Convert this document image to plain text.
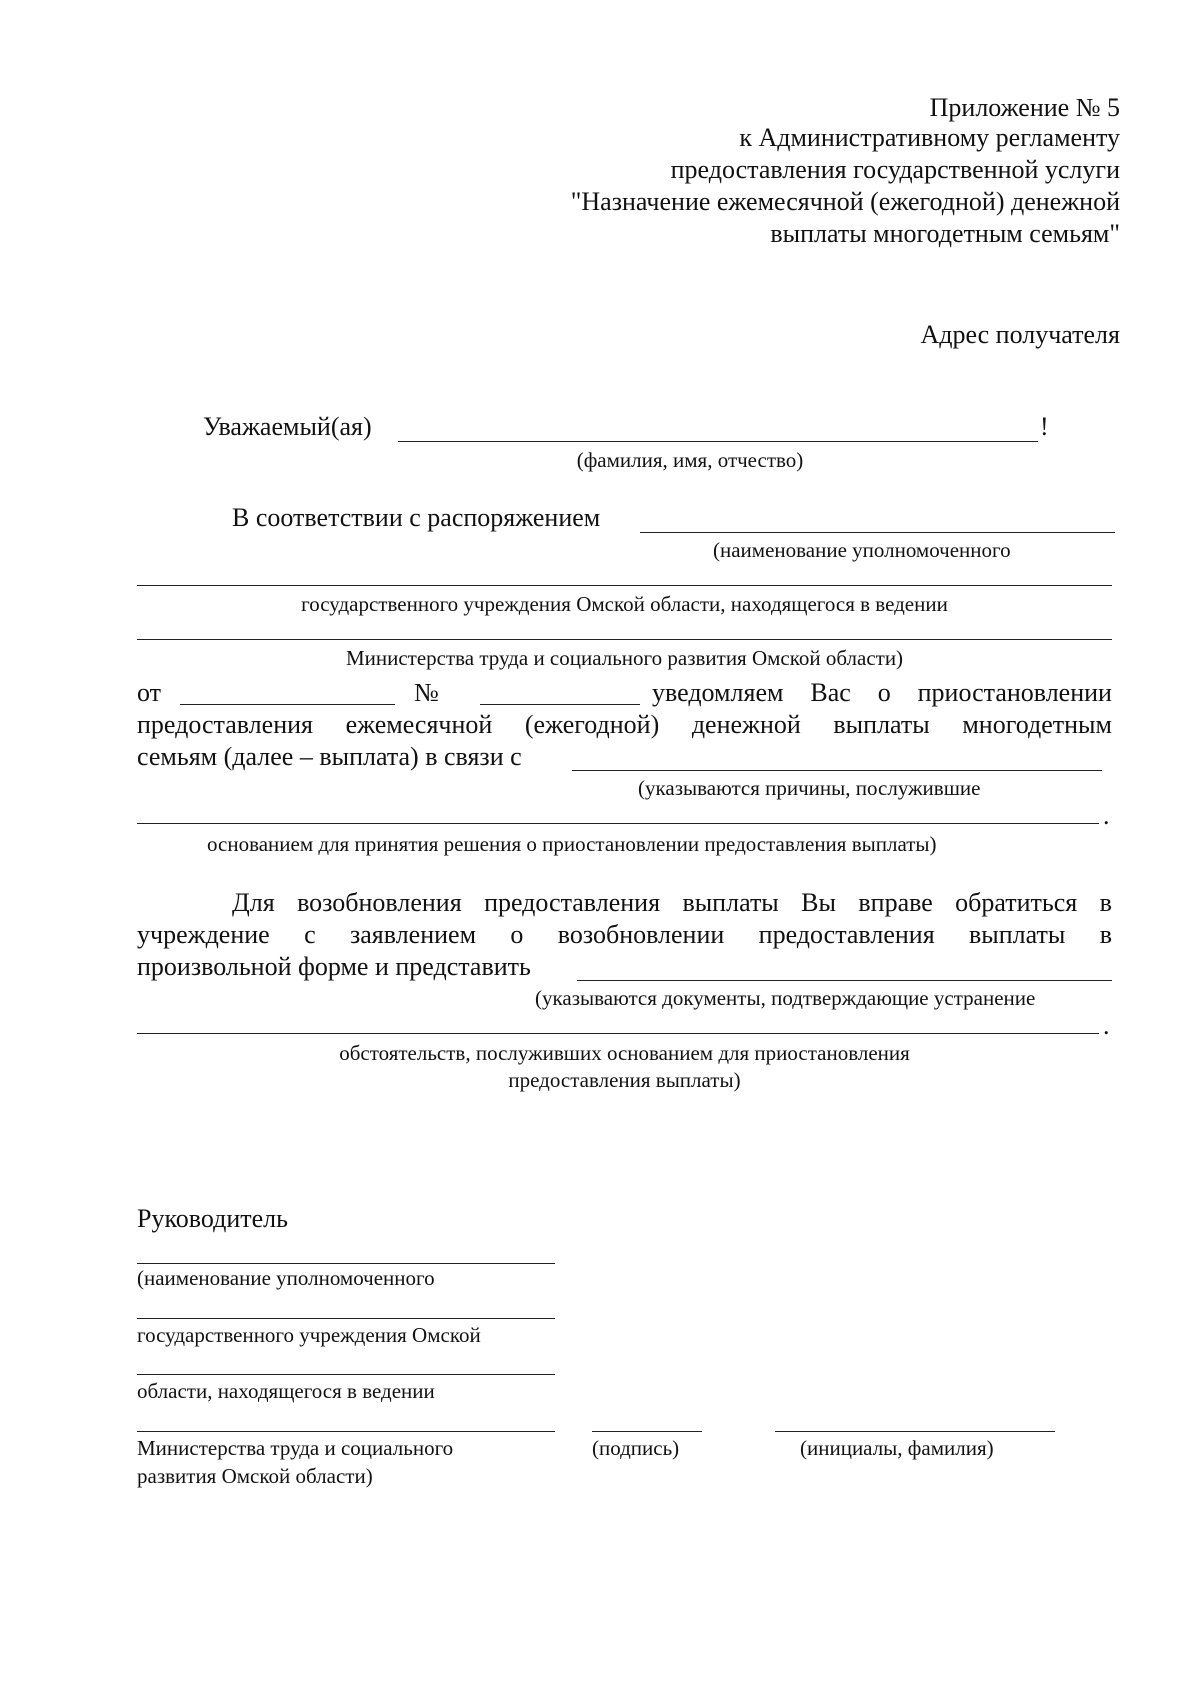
Приложение № 5
к Административному регламенту
предоставления государственной услуги
"Назначение ежемесячной (ежегодной) денежной
выплаты многодетным семьям"
Адрес получателя
Уважаемый(ая)	!
(фамилия, имя, отчество)
В соответствии с распоряжением
(наименование уполномоченного
государственного учреждения Омской области, находящегося в ведении
Министерства труда и социального развития Омской области)
от	№	уведомляем Вас о приостановлении
предоставления ежемесячной (ежегодной) денежной выплаты многодетным
семьям (далее – выплата) в связи с
(указываются причины, послужившие
.
основанием для принятия решения о приостановлении предоставления выплаты)
Для возобновления предоставления выплаты Вы вправе обратиться в
учреждение с заявлением о возобновлении предоставления выплаты в
произвольной форме и представить
(указываются документы, подтверждающие устранение
.
обстоятельств, послуживших основанием для приостановления
предоставления выплаты)
Руководитель
(наименование уполномоченного
государственного учреждения Омской
области, находящегося в ведении
Министерства труда и социального
развития Омской области)
(подпись)	(инициалы, фамилия)
